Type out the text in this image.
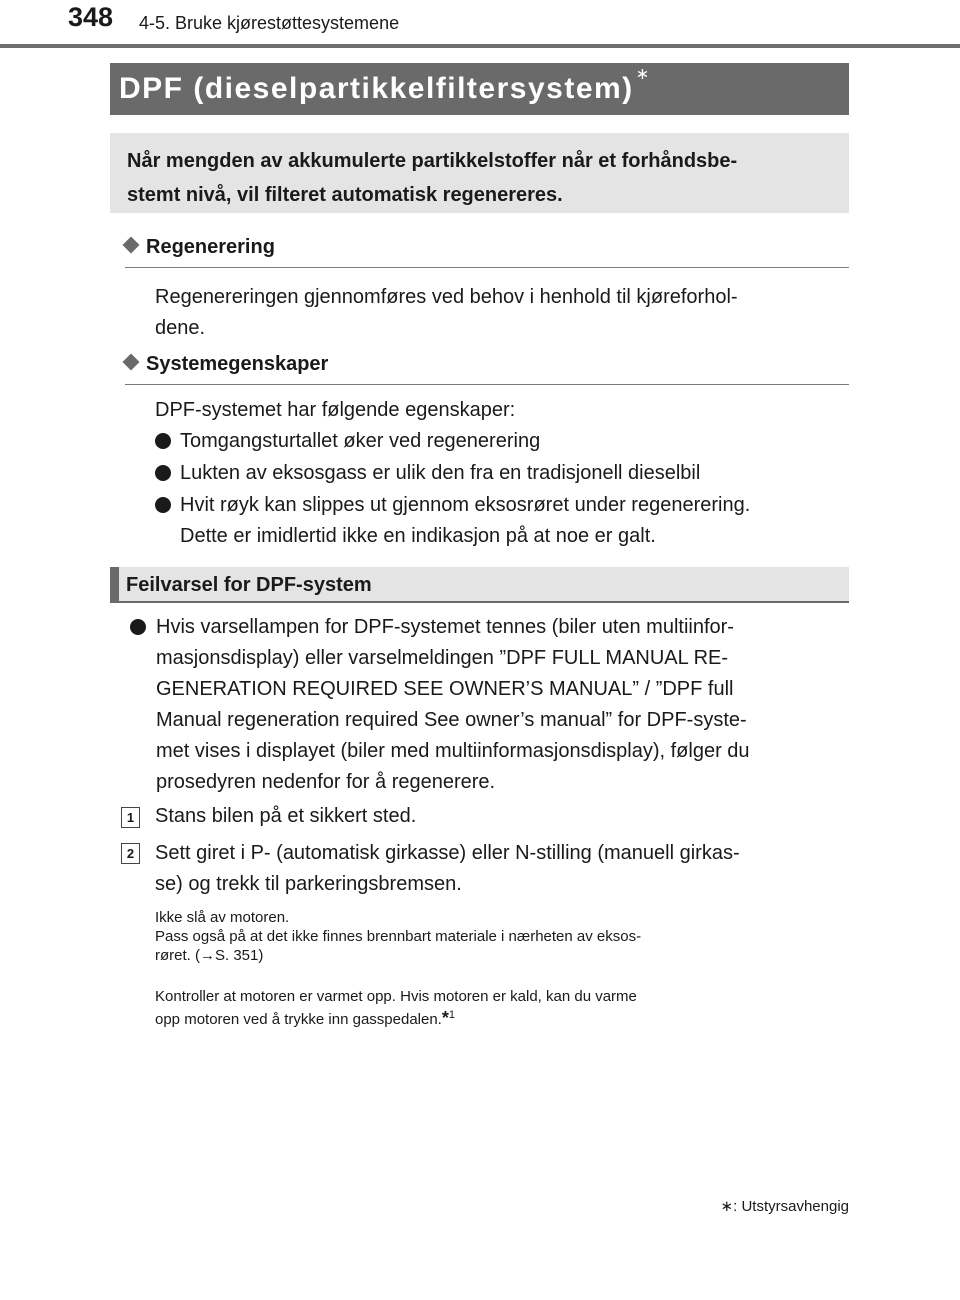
348 4-5. Bruke kjørestøttesystemene
DPF (dieselpartikkelfiltersystem) ∗
Når mengden av akkumulerte partikkelstoffer når et forhåndsbe-
stemt nivå, vil filteret automatisk regenereres.
Regenerering
Regenereringen gjennomføres ved behov i henhold til kjøreforhol-
dene.
Systemegenskaper
DPF-systemet har følgende egenskaper:
Tomgangsturtallet øker ved regenerering
Lukten av eksosgass er ulik den fra en tradisjonell dieselbil
Hvit røyk kan slippes ut gjennom eksosrøret under regenerering.
Dette er imidlertid ikke en indikasjon på at noe er galt.
Feilvarsel for DPF-system
Hvis varsellampen for DPF-systemet tennes (biler uten multiinfor-
masjonsdisplay) eller varselmeldingen ”DPF FULL MANUAL RE-
GENERATION REQUIRED SEE OWNER’S MANUAL” / ”DPF full
Manual regeneration required See owner’s manual” for DPF-syste-
met vises i displayet (biler med multiinformasjonsdisplay), følger du
prosedyren nedenfor for å regenerere.
1 Stans bilen på et sikkert sted.
2 Sett giret i P- (automatisk girkasse) eller N-stilling (manuell girkas-
se) og trekk til parkeringsbremsen.
Ikke slå av motoren.
Pass også på at det ikke finnes brennbart materiale i nærheten av eksos-
røret. (→S. 351)
Kontroller at motoren er varmet opp. Hvis motoren er kald, kan du varme
opp motoren ved å trykke inn gasspedalen.*$^1$
∗: Utstyrsavhengig
